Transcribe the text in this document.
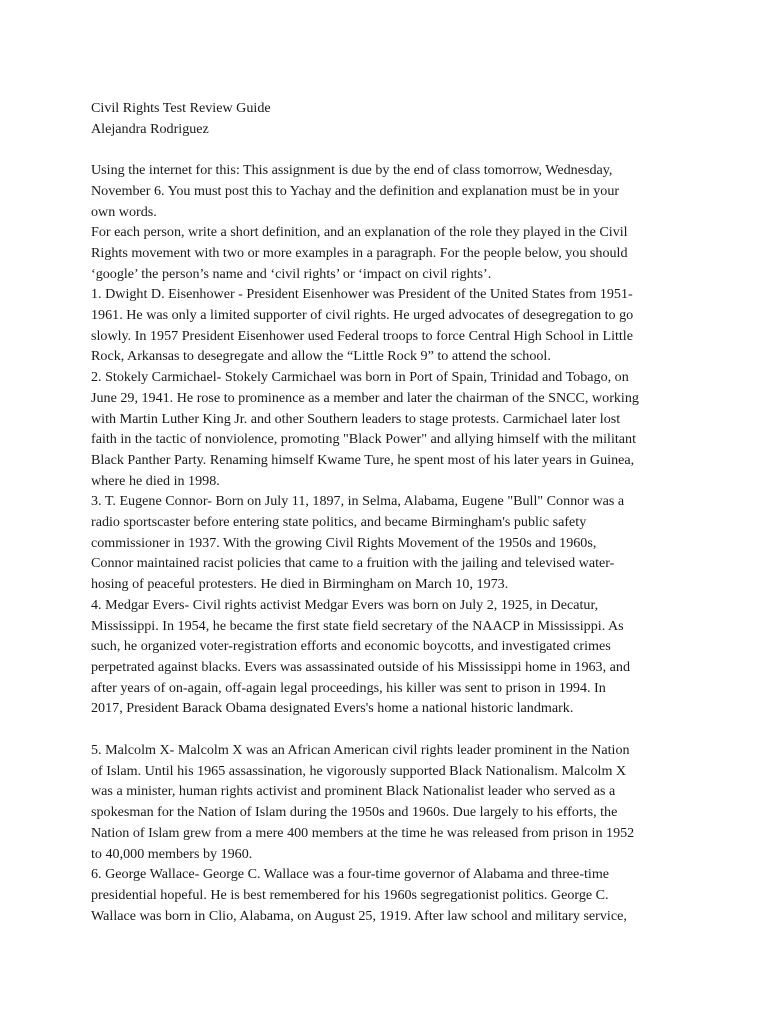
Civil Rights Test Review Guide
Alejandra Rodriguez
Using the internet for this: This assignment is due by the end of class tomorrow, Wednesday,
November 6. You must post this to Yachay and the definition and explanation must be in your
own words.
For each person, write a short definition, and an explanation of the role they played in the Civil
Rights movement with two or more examples in a paragraph. For the people below, you should
‘google’ the person’s name and ‘civil rights’ or ‘impact on civil rights’.
1. Dwight D. Eisenhower - President Eisenhower was President of the United States from 1951-
1961. He was only a limited supporter of civil rights. He urged advocates of desegregation to go
slowly. In 1957 President Eisenhower used Federal troops to force Central High School in Little
Rock, Arkansas to desegregate and allow the “Little Rock 9” to attend the school.
2. Stokely Carmichael- Stokely Carmichael was born in Port of Spain, Trinidad and Tobago, on
June 29, 1941. He rose to prominence as a member and later the chairman of the SNCC, working
with Martin Luther King Jr. and other Southern leaders to stage protests. Carmichael later lost
faith in the tactic of nonviolence, promoting "Black Power" and allying himself with the militant
Black Panther Party. Renaming himself Kwame Ture, he spent most of his later years in Guinea,
where he died in 1998.
3. T. Eugene Connor- Born on July 11, 1897, in Selma, Alabama, Eugene "Bull" Connor was a
radio sportscaster before entering state politics, and became Birmingham's public safety
commissioner in 1937. With the growing Civil Rights Movement of the 1950s and 1960s,
Connor maintained racist policies that came to a fruition with the jailing and televised water-
hosing of peaceful protesters. He died in Birmingham on March 10, 1973.
4. Medgar Evers- Civil rights activist Medgar Evers was born on July 2, 1925, in Decatur,
Mississippi. In 1954, he became the first state field secretary of the NAACP in Mississippi. As
such, he organized voter-registration efforts and economic boycotts, and investigated crimes
perpetrated against blacks. Evers was assassinated outside of his Mississippi home in 1963, and
after years of on-again, off-again legal proceedings, his killer was sent to prison in 1994. In
2017, President Barack Obama designated Evers's home a national historic landmark.
5. Malcolm X- Malcolm X was an African American civil rights leader prominent in the Nation
of Islam. Until his 1965 assassination, he vigorously supported Black Nationalism. Malcolm X
was a minister, human rights activist and prominent Black Nationalist leader who served as a
spokesman for the Nation of Islam during the 1950s and 1960s. Due largely to his efforts, the
Nation of Islam grew from a mere 400 members at the time he was released from prison in 1952
to 40,000 members by 1960.
6. George Wallace- George C. Wallace was a four-time governor of Alabama and three-time
presidential hopeful. He is best remembered for his 1960s segregationist politics. George C.
Wallace was born in Clio, Alabama, on August 25, 1919. After law school and military service,
